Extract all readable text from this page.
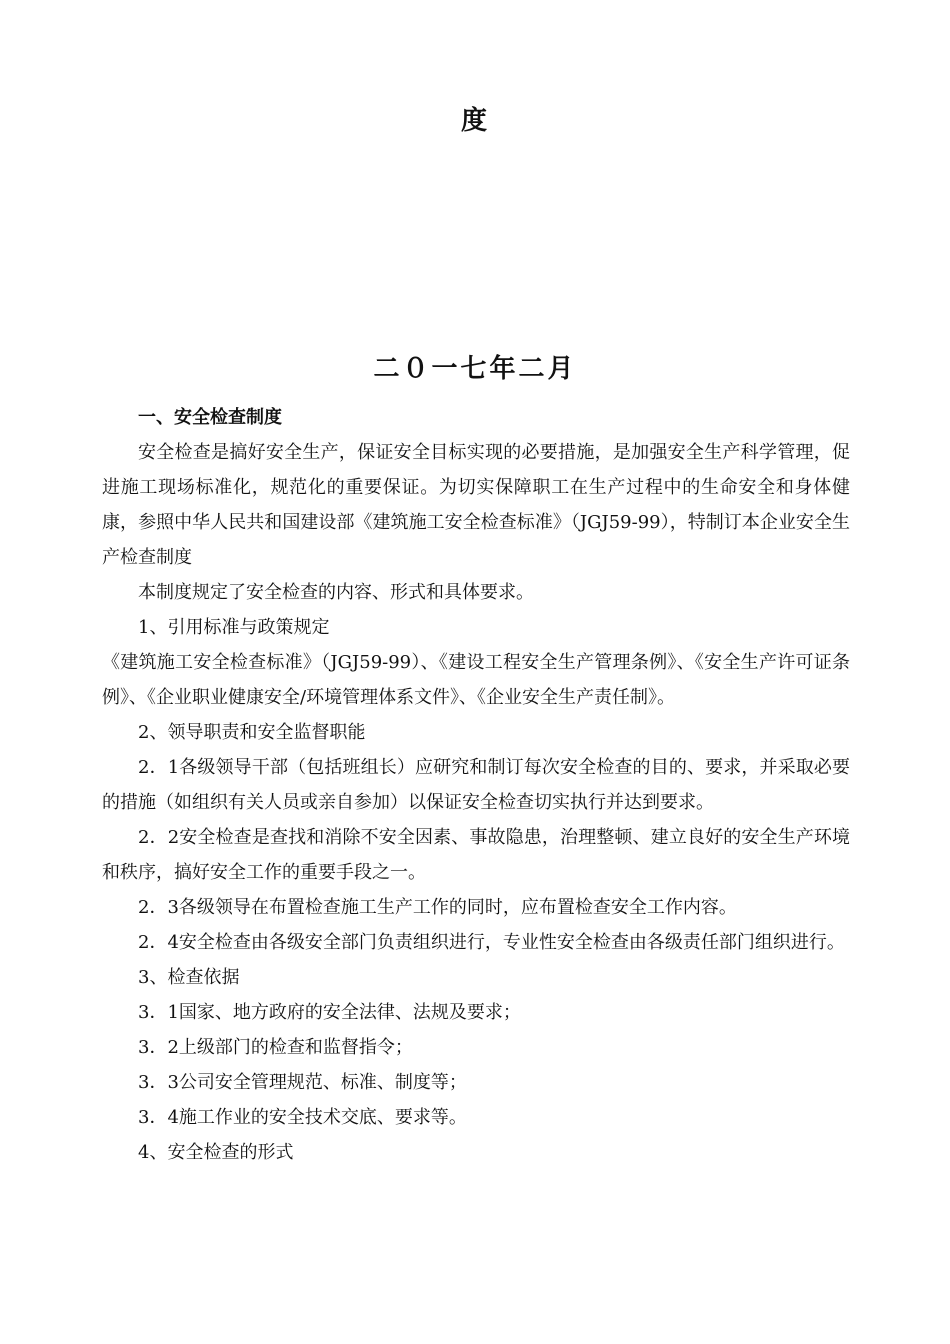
度
二０一七年二月

一、安全检查制度

安全检查是搞好安全生产，保证安全目标实现的必要措施，是加强安全生产科学管理，促进施工现场标准化，规范化的重要保证。为切实保障职工在生产过程中的生命安全和身体健康，参照中华人民共和国建设部《建筑施工安全检查标准》（JGJ59-99），特制订本企业安全生产检查制度

本制度规定了安全检查的内容、形式和具体要求。

1、引用标准与政策规定

《建筑施工安全检查标准》（JGJ59-99）、《建设工程安全生产管理条例》、《安全生产许可证条例》、《企业职业健康安全/环境管理体系文件》、《企业安全生产责任制》。

2、领导职责和安全监督职能

2．1各级领导干部（包括班组长）应研究和制订每次安全检查的目的、要求，并采取必要的措施（如组织有关人员或亲自参加）以保证安全检查切实执行并达到要求。

2．2安全检查是查找和消除不安全因素、事故隐患，治理整顿、建立良好的安全生产环境和秩序，搞好安全工作的重要手段之一。

2．3各级领导在布置检查施工生产工作的同时，应布置检查安全工作内容。

2．4安全检查由各级安全部门负责组织进行，专业性安全检查由各级责任部门组织进行。

3、检查依据

3．1国家、地方政府的安全法律、法规及要求；

3．2上级部门的检查和监督指令；

3．3公司安全管理规范、标准、制度等；

3．4施工作业的安全技术交底、要求等。

4、安全检查的形式
